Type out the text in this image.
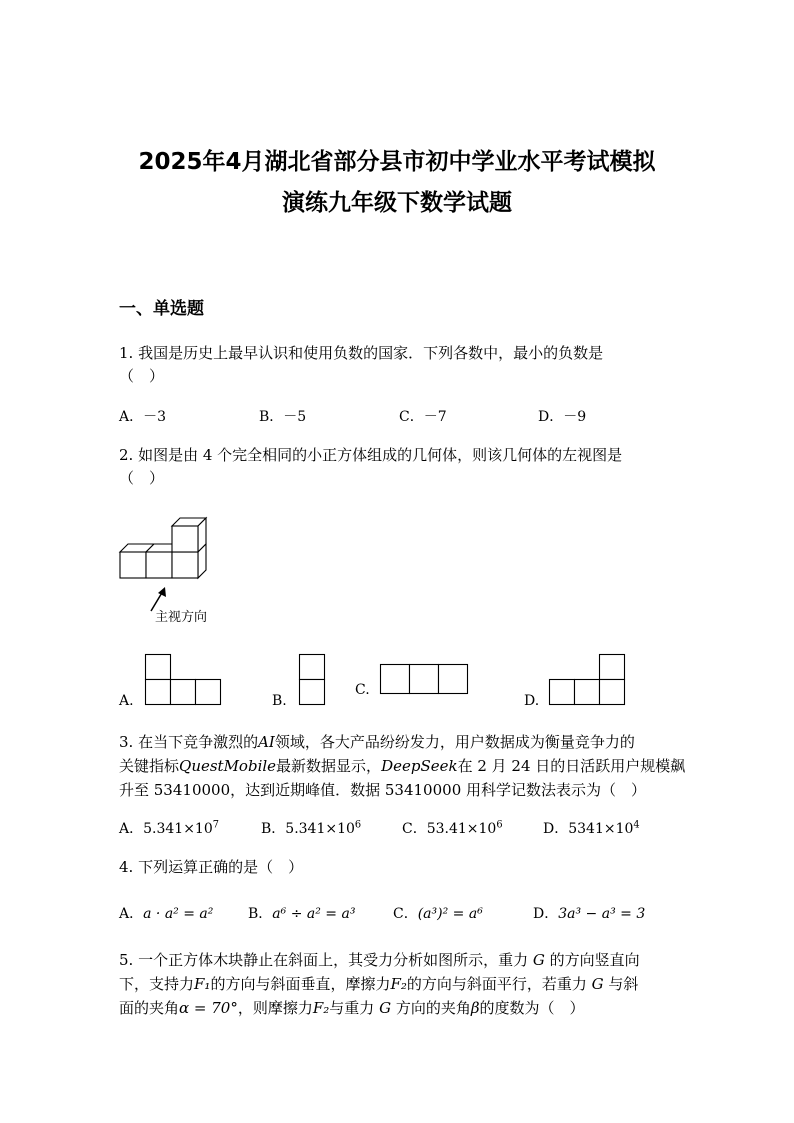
2025年4月湖北省部分县市初中学业水平考试模拟
演练九年级下数学试题
一、单选题
1. 我国是历史上最早认识和使用负数的国家．下列各数中，最小的负数是
（　）
A．－3	B．－5	C．－7	D．－9
2. 如图是由 4 个完全相同的小正方体组成的几何体，则该几何体的左视图是
（　）
主视方向
A.	B.
C.
D.
3. 在当下竞争激烈的AI领域，各大产品纷纷发力，用户数据成为衡量竞争力的
关键指标QuestMobile最新数据显示，DeepSeek在 2 月 24 日的日活跃用户规模飙
升至 53410000，达到近期峰值．数据 53410000 用科学记数法表示为（　）
A．$5.341\times 10^7$	B．$5.341\times 10^6$	C．$53.41\times 10^6$	D．$5341\times 10^4$
4. 下列运算正确的是（　）
A．a · a² = a² B．a⁶ ÷ a² = a³	C．(a³)² = a⁶	D．3a³ − a³ = 3
5. 一个正方体木块静止在斜面上，其受力分析如图所示，重力 G 的方向竖直向
下，支持力F₁的方向与斜面垂直，摩擦力F₂的方向与斜面平行，若重力 G 与斜
面的夹角α = 70°，则摩擦力F₂与重力 G 方向的夹角β的度数为（　）
